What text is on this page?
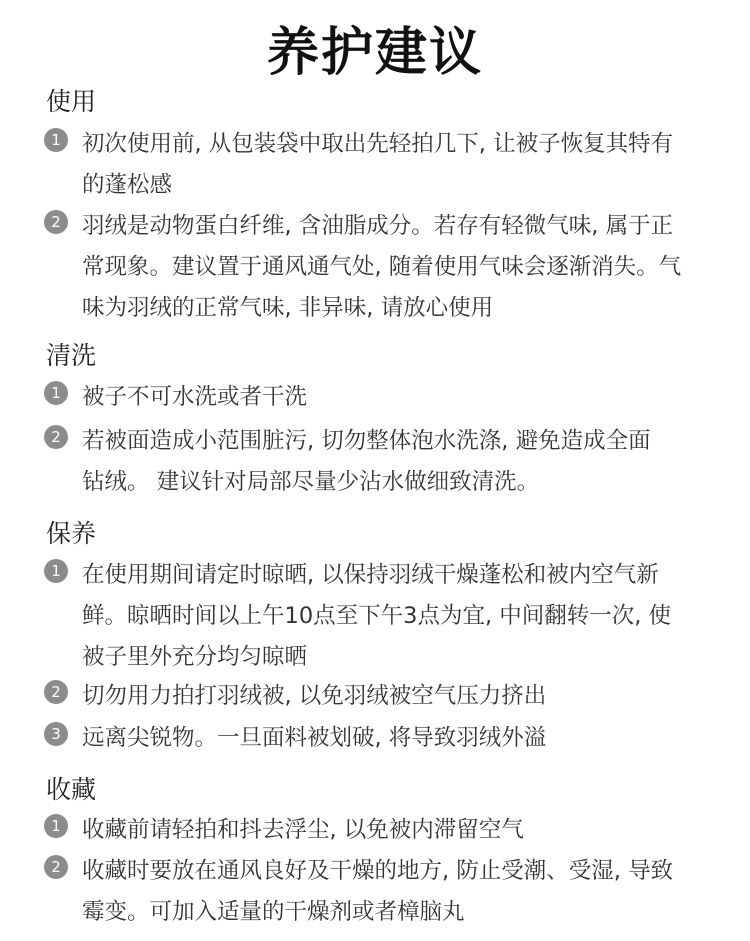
养护建议
使用
1 初次使用前, 从包装袋中取出先轻拍几下, 让被子恢复其特有
的蓬松感
2 羽绒是动物蛋白纤维, 含油脂成分。若存有轻微气味, 属于正
常现象。建议置于通风通气处, 随着使用气味会逐渐消失。气
味为羽绒的正常气味, 非异味, 请放心使用
清洗
1 被子不可水洗或者干洗
2 若被面造成小范围脏污, 切勿整体泡水洗涤, 避免造成全面
钻绒。 建议针对局部尽量少沾水做细致清洗。
保养
1 在使用期间请定时晾晒, 以保持羽绒干燥蓬松和被内空气新
鲜。晾晒时间以上午10点至下午3点为宜, 中间翻转一次, 使
被子里外充分均匀晾晒
2 切勿用力拍打羽绒被, 以免羽绒被空气压力挤出
3 远离尖锐物。一旦面料被划破, 将导致羽绒外溢
收藏
1 收藏前请轻拍和抖去浮尘, 以免被内滞留空气
2 收藏时要放在通风良好及干燥的地方, 防止受潮、受湿, 导致
霉变。可加入适量的干燥剂或者樟脑丸
